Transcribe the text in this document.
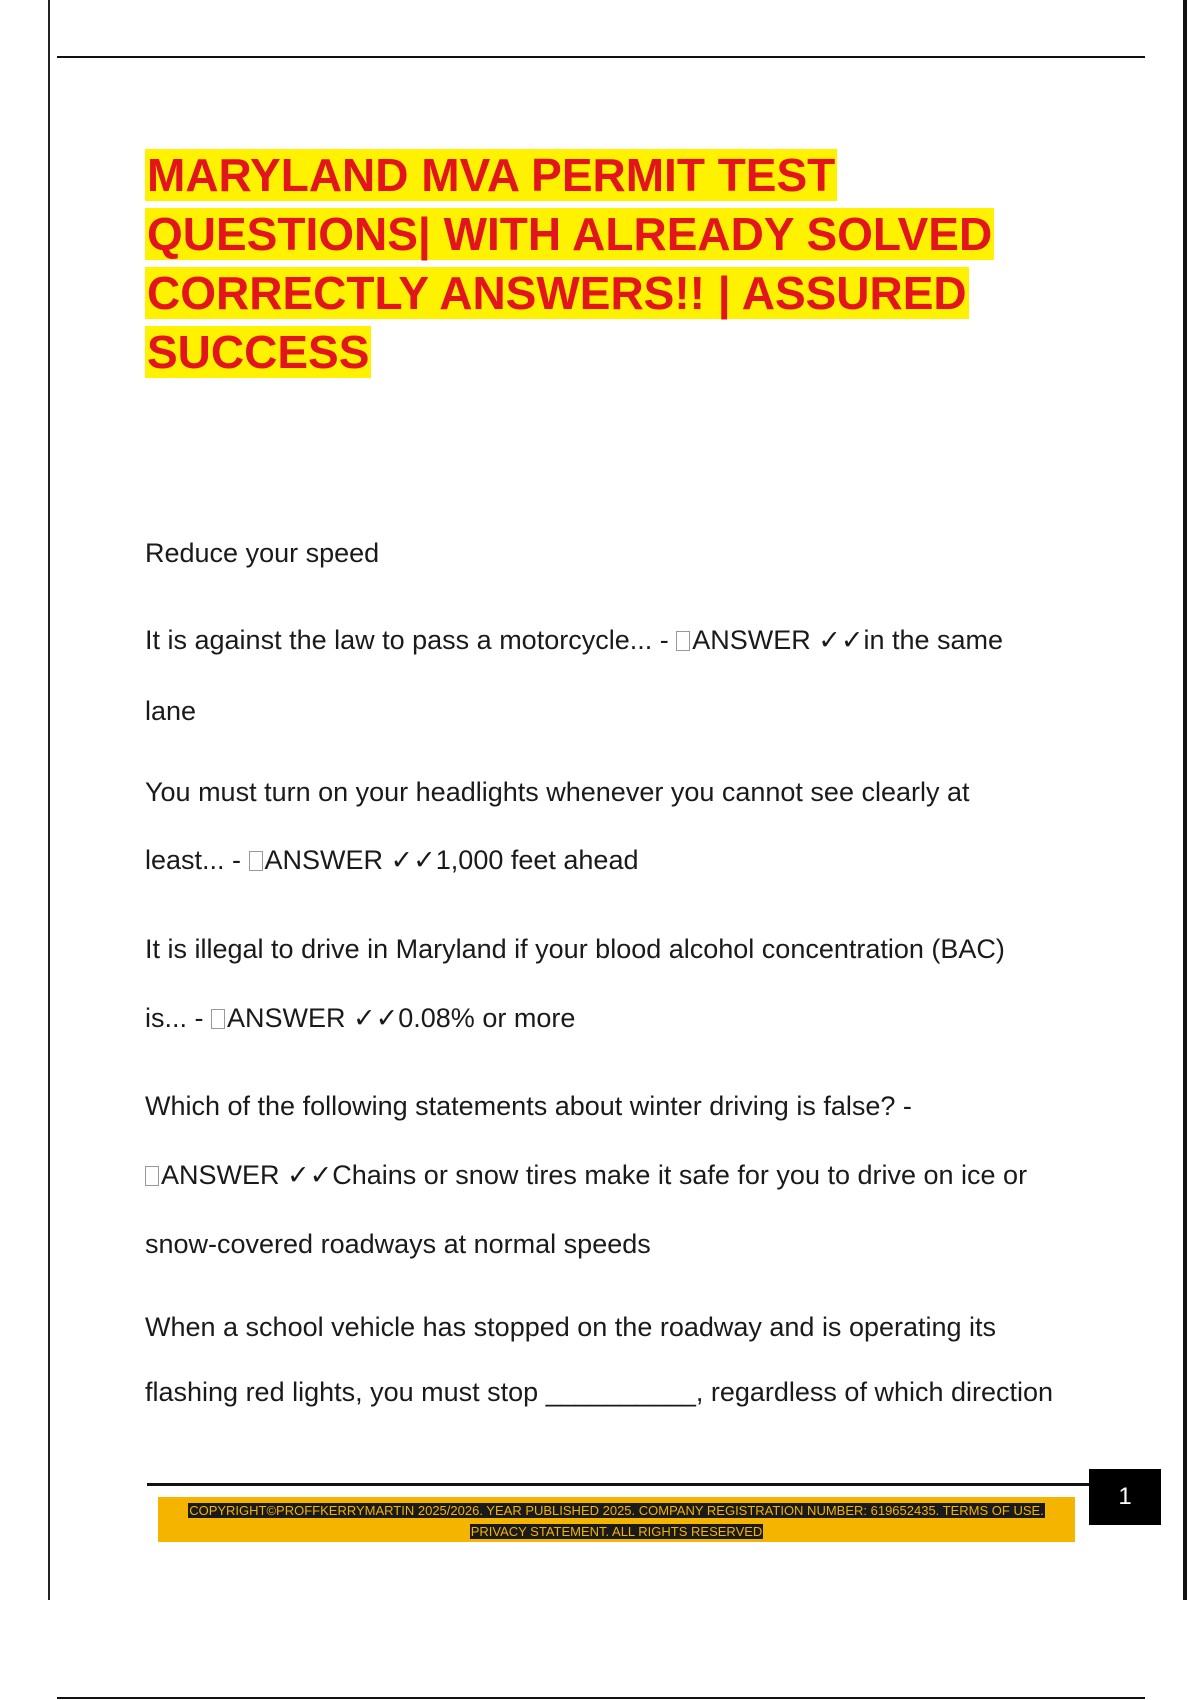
MARYLAND MVA PERMIT TEST
QUESTIONS| WITH ALREADY SOLVED
CORRECTLY ANSWERS!! | ASSURED
SUCCESS
Reduce your speed
It is against the law to pass a motorcycle... - ANSWER ✓✓in the same
lane
You must turn on your headlights whenever you cannot see clearly at
least... - ANSWER ✓✓1,000 feet ahead
It is illegal to drive in Maryland if your blood alcohol concentration (BAC)
is... - ANSWER ✓✓0.08% or more
Which of the following statements about winter driving is false? -
ANSWER ✓✓Chains or snow tires make it safe for you to drive on ice or
snow-covered roadways at normal speeds
When a school vehicle has stopped on the roadway and is operating its
flashing red lights, you must stop __________, regardless of which direction
COPYRIGHT©PROFFKERRYMARTIN 2025/2026. YEAR PUBLISHED 2025. COMPANY REGISTRATION NUMBER: 619652435. TERMS OF USE.
PRIVACY STATEMENT. ALL RIGHTS RESERVED
1
